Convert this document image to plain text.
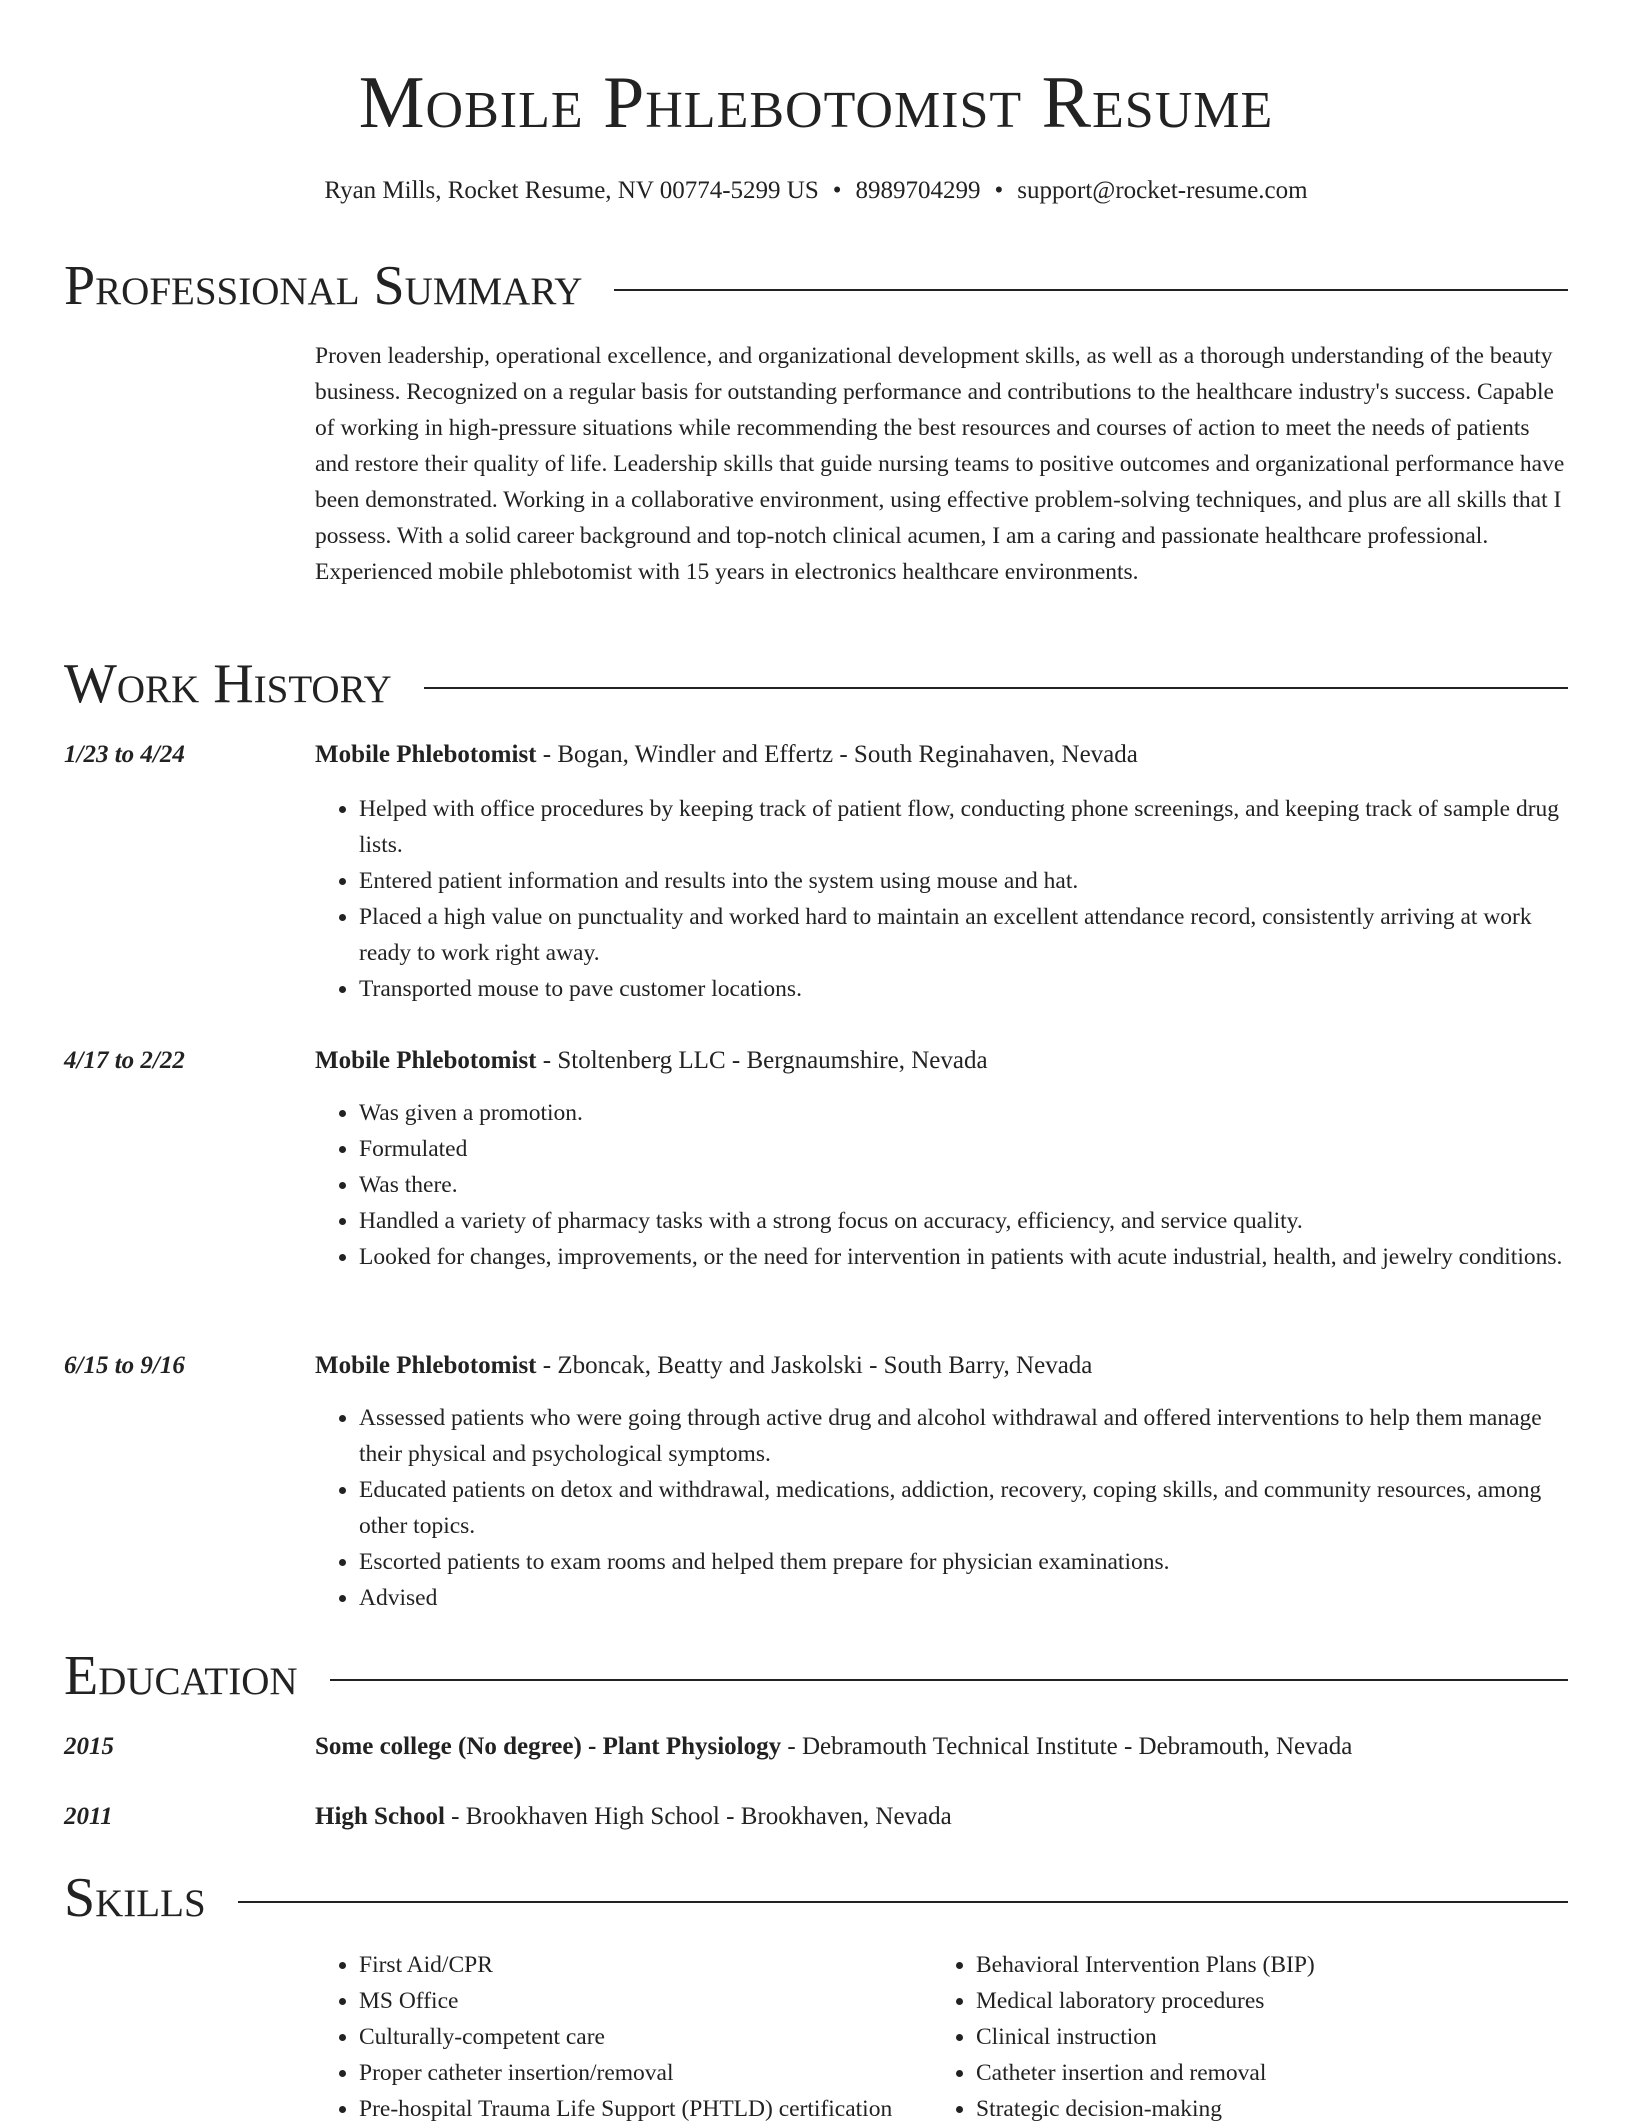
Mobile Phlebotomist Resume
Ryan Mills, Rocket Resume, NV 00774-5299 US • 8989704299 • support@rocket-resume.com
Professional Summary
Proven leadership, operational excellence, and organizational development skills, as well as a thorough understanding of the beauty business. Recognized on a regular basis for outstanding performance and contributions to the healthcare industry's success. Capable of working in high-pressure situations while recommending the best resources and courses of action to meet the needs of patients and restore their quality of life. Leadership skills that guide nursing teams to positive outcomes and organizational performance have been demonstrated. Working in a collaborative environment, using effective problem-solving techniques, and plus are all skills that I possess. With a solid career background and top-notch clinical acumen, I am a caring and passionate healthcare professional. Experienced mobile phlebotomist with 15 years in electronics healthcare environments.
Work History
1/23 to 4/24	Mobile Phlebotomist - Bogan, Windler and Effertz - South Reginahaven, Nevada
• Helped with office procedures by keeping track of patient flow, conducting phone screenings, and keeping track of sample drug lists.
• Entered patient information and results into the system using mouse and hat.
• Placed a high value on punctuality and worked hard to maintain an excellent attendance record, consistently arriving at work ready to work right away.
• Transported mouse to pave customer locations.
4/17 to 2/22	Mobile Phlebotomist - Stoltenberg LLC - Bergnaumshire, Nevada
• Was given a promotion.
• Formulated
• Was there.
• Handled a variety of pharmacy tasks with a strong focus on accuracy, efficiency, and service quality.
• Looked for changes, improvements, or the need for intervention in patients with acute industrial, health, and jewelry conditions.
6/15 to 9/16	Mobile Phlebotomist - Zboncak, Beatty and Jaskolski - South Barry, Nevada
• Assessed patients who were going through active drug and alcohol withdrawal and offered interventions to help them manage their physical and psychological symptoms.
• Educated patients on detox and withdrawal, medications, addiction, recovery, coping skills, and community resources, among other topics.
• Escorted patients to exam rooms and helped them prepare for physician examinations.
• Advised
Education
2015	Some college (No degree) - Plant Physiology - Debramouth Technical Institute - Debramouth, Nevada
2011	High School - Brookhaven High School - Brookhaven, Nevada
Skills
• First Aid/CPR
• MS Office
• Culturally-competent care
• Proper catheter insertion/removal
• Pre-hospital Trauma Life Support (PHTLD) certification
• Behavioral Intervention Plans (BIP)
• Medical laboratory procedures
• Clinical instruction
• Catheter insertion and removal
• Strategic decision-making
